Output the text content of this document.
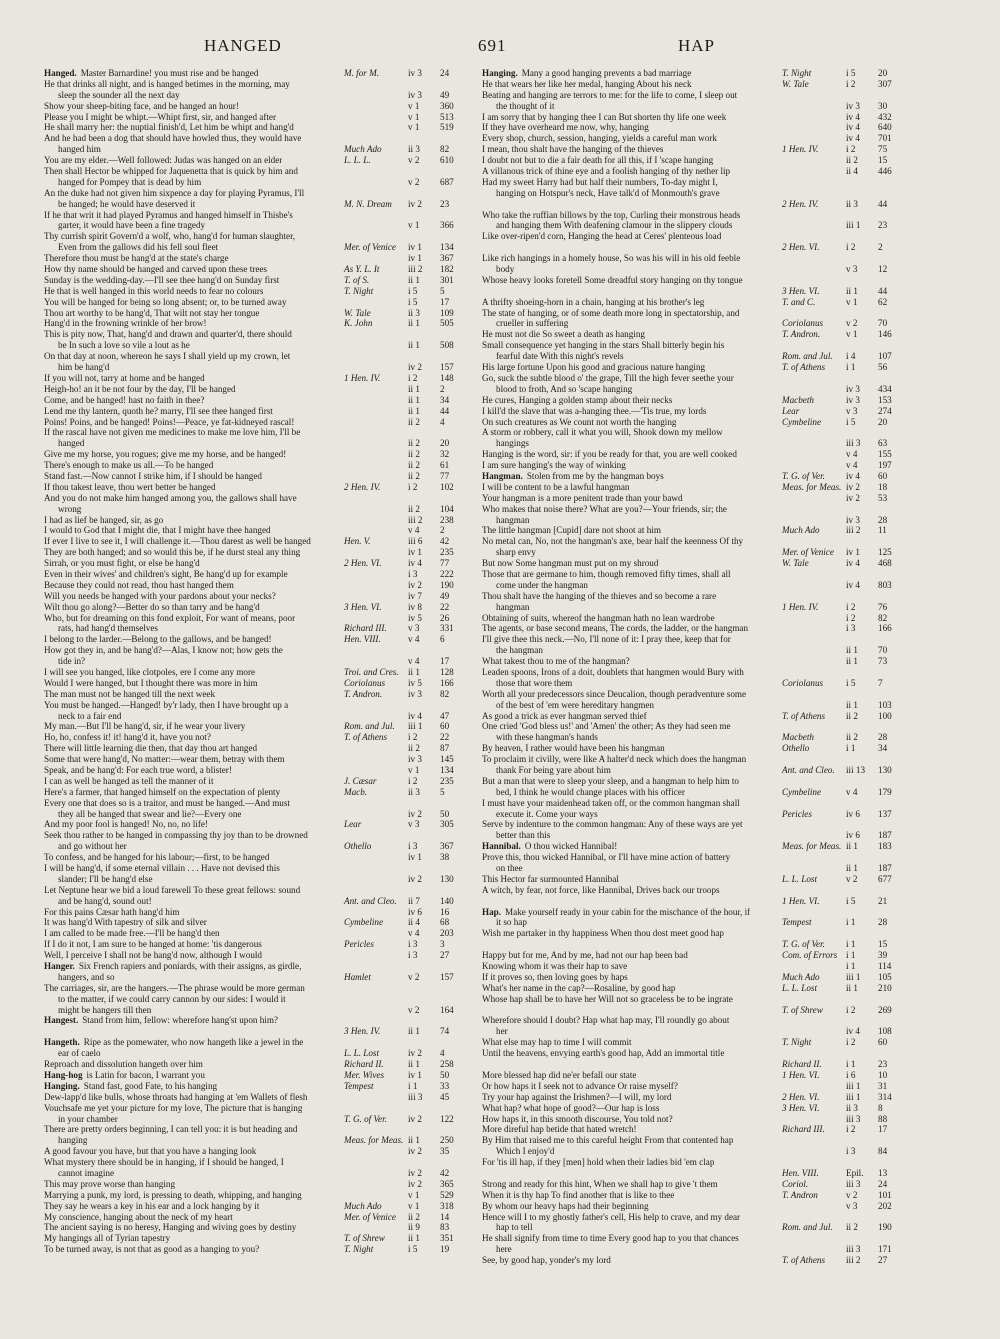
HANGED	691	HAP
Hanged. Master Barnardine! you must rise and be hanged	M. for M.	iv 3	24
He that drinks all night, and is hanged betimes in the morning, may
sleep the sounder all the next day	iv 3	49
Show your sheep-biting face, and be hanged an hour!	v 1	360
Please you I might be whipt.—Whipt first, sir, and hanged after	v 1	513
He shall marry her: the nuptial finish'd, Let him be whipt and hang'd	v 1	519
And he had been a dog that should have howled thus, they would have
hanged him	Much Ado	ii 3	82
You are my elder.—Well followed: Judas was hanged on an elder	L. L. L.	v 2	610
Then shall Hector be whipped for Jaquenetta that is quick by him and
hanged for Pompey that is dead by him	v 2	687
An the duke had not given him sixpence a day for playing Pyramus, I'll
be hanged; he would have deserved it	M. N. Dream iv 2	23
If he that writ it had played Pyramus and hanged himself in Thisbe's
garter, it would have been a fine tragedy	v 1	366
Thy currish spirit Govern'd a wolf, who, hang'd for human slaughter,
Even from the gallows did his fell soul fleet	Mer. of Venice iv 1	134
Therefore thou must be hang'd at the state's charge	iv 1	367
How thy name should be hanged and carved upon these trees	As Y. L. It	iii 2	182
Sunday is the wedding-day.—I'll see thee hang'd on Sunday first	T. of S.	ii 1	301
He that is well hanged in this world needs to fear no colours	T. Night	i 5	5
You will be hanged for being so long absent; or, to be turned away	i 5	17
Thou art worthy to be hang'd, That wilt not stay her tongue	W. Tale	ii 3	109
Hang'd in the frowning wrinkle of her brow!	K. John	ii 1	505
This is pity now, That, hang'd and drawn and quarter'd, there should
be In such a love so vile a lout as he	ii 1	508
On that day at noon, whereon he says I shall yield up my crown, let
him be hang'd	iv 2	157
If you will not, tarry at home and be hanged	1 Hen. IV.	i 2	148
Heigh-ho! an it be not four by the day, I'll be hanged	ii 1	2
Come, and be hanged! hast no faith in thee?	ii 1	34
Lend me thy lantern, quoth he? marry, I'll see thee hanged first	ii 1	44
Poins! Poins, and be hanged! Poins!—Peace, ye fat-kidneyed rascal!	ii 2	4
If the rascal have not given me medicines to make me love him, I'll be
hanged	ii 2	20
Give me my horse, you rogues; give me my horse, and be hanged!	ii 2	32
There's enough to make us all.—To be hanged	ii 2	61
Stand fast.—Now cannot I strike him, if I should be hanged	ii 2	77
If thou takest leave, thou wert better be hanged	2 Hen. IV.	i 2	102
And you do not make him hanged among you, the gallows shall have
wrong	ii 2	104
I had as lief be hanged, sir, as go	iii 2	238
I would to God that I might die, that I might have thee hanged	v 4	2
If ever I live to see it, I will challenge it.—Thou darest as well be hanged	Hen. V.	iii 6	42
They are both hanged; and so would this be, if he durst steal any thing	iv 1	235
Sirrah, or you must fight, or else be hang'd	2 Hen. VI.	iv 4	77
Even in their wives' and children's sight, Be hang'd up for example	i 3	222
Because they could not read, thou hast hanged them	iv 2	190
Will you needs be hanged with your pardons about your necks?	iv 7	49
Wilt thou go along?—Better do so than tarry and be hang'd	3 Hen. VI.	iv 8	22
Who, but for dreaming on this fond exploit, For want of means, poor	iv 5	26
rats, had hang'd themselves	Richard III. v 3	331
I belong to the larder.—Belong to the gallows, and be hanged!	Hen. VIII.	v 4	6
How got they in, and be hang'd?—Alas, I know not; how gets the
tide in?	v 4	17
I will see you hanged, like clotpoles, ere I come any more	Troi. and Cres. ii 1	128
Would I were hanged, but I thought there was more in him	Coriolanus	iv 5	166
The man must not be hanged till the next week	T. Andron.	iv 3	82
You must be hanged.—Hanged! by'r lady, then I have brought up a
neck to a fair end	iv 4	47
My man.—But I'll be hang'd, sir, if he wear your livery	Rom. and Jul. iii 1	60
Ho, ho, confess it! it! hang'd it, have you not?	T. of Athens i 2	22
There will little learning die then, that day thou art hanged	ii 2	87
Some that were hang'd, No matter:—wear them, betray with them	iv 3	145
Speak, and be hang'd: For each true word, a blister!	v 1	134
I can as well be hanged as tell the manner of it	J. Cæsar	i 2	235
Here's a farmer, that hanged himself on the expectation of plenty	Macb.	ii 3	5
Every one that does so is a traitor, and must be hanged.—And must
they all be hanged that swear and lie?—Every one	iv 2	50
And my poor fool is hanged! No, no, no life!	Lear	v 3	305
Seek thou rather to be hanged in compassing thy joy than to be drowned
and go without her	Othello	i 3	367
To confess, and be hanged for his labour;—first, to be hanged	iv 1	38
I will be hang'd, if some eternal villain . . . Have not devised this
slander; I'll be hang'd else	iv 2	130
Let Neptune hear we bid a loud farewell To these great fellows: sound
and be hang'd, sound out!	Ant. and Cleo. ii 7	140
For this pains Cæsar hath hang'd him	iv 6	16
It was hang'd With tapestry of silk and silver	Cymbeline	ii 4	68
I am called to be made free.—I'll be hang'd then	v 4	203
If I do it not, I am sure to be hanged at home: 'tis dangerous	Pericles	i 3	3
Well, I perceive I shall not be hang'd now, although I would	i 3	27
Hanger. Six French rapiers and poniards, with their assigns, as girdle,
hangers, and so	Hamlet	v 2	157
The carriages, sir, are the hangers.—The phrase would be more german
to the matter, if we could carry cannon by our sides: I would it
might be hangers till then	v 2	164
Hangest. Stand from him, fellow: wherefore hang'st upon him?
3 Hen. IV.	ii 1	74
Hangeth. Ripe as the pomewater, who now hangeth like a jewel in the
ear of caelo	L. L. Lost	iv 2	4
Reproach and dissolution hangeth over him	Richard II.	ii 1	258
Hang-hog is Latin for bacon, I warrant you	Mer. Wives	iv 1	50
Hanging. Stand fast, good Fate, to his hanging	Tempest	i 1	33
Dew-lapp'd like bulls, whose throats had hanging at 'em Wallets of flesh	iii 3	45
Vouchsafe me yet your picture for my love, The picture that is hanging
in your chamber	T. G. of Ver. iv 2	122
There are pretty orders beginning, I can tell you: it is but heading and
hanging	Meas. for Meas. ii 1	250
A good favour you have, but that you have a hanging look	iv 2	35
What mystery there should be in hanging, if I should be hanged, I
cannot imagine	iv 2	42
This may prove worse than hanging	iv 2	365
Marrying a punk, my lord, is pressing to death, whipping, and hanging	v 1	529
They say he wears a key in his ear and a lock hanging by it	Much Ado	v 1	318
My conscience, hanging about the neck of my heart	Mer. of Venice ii 2	14
The ancient saying is no heresy, Hanging and wiving goes by destiny	ii 9	83
My hangings all of Tyrian tapestry	T. of Shrew	ii 1	351
To be turned away, is not that as good as a hanging to you?	T. Night	i 5	19
Hanging. Many a good hanging prevents a bad marriage	T. Night	i 5	20
He that wears her like her medal, hanging About his neck	W. Tale	i 2	307
Beating and hanging are terrors to me: for the life to come, I sleep out
the thought of it	iv 3	30
I am sorry that by hanging thee I can But shorten thy life one week	iv 4	432
If they have overheard me now, why, hanging	iv 4	640
Every shop, church, session, hanging, yields a careful man work	iv 4	701
I mean, thou shalt have the hanging of the thieves	1 Hen. IV.	i 2	75
I doubt not but to die a fair death for all this, if I 'scape hanging	ii 2	15
A villanous trick of thine eye and a foolish hanging of thy nether lip	ii 4	446
Had my sweet Harry had but half their numbers, To-day might I,
hanging on Hotspur's neck, Have talk'd of Monmouth's grave
2 Hen. IV.	ii 3	44
Who take the ruffian billows by the top, Curling their monstrous heads
and hanging them With deafening clamour in the slippery clouds	iii 1	23
Like over-ripen'd corn, Hanging the head at Ceres' plenteous load
2 Hen. VI.	i 2	2
Like rich hangings in a homely house, So was his will in his old feeble
body	v 3	12
Whose heavy looks foretell Some dreadful story hanging on thy tongue
3 Hen. VI.	ii 1	44
A thrifty shoeing-horn in a chain, hanging at his brother's leg	T. and C.	v 1	62
The state of hanging, or of some death more long in spectatorship, and
crueller in suffering	Coriolanus	v 2	70
He must not die So sweet a death as hanging	T. Andron.	v 1	146
Small consequence yet hanging in the stars Shall bitterly begin his
fearful date With this night's revels	Rom. and Jul. i 4	107
His large fortune Upon his good and gracious nature hanging	T. of Athens i 1	56
Go, suck the subtle blood o' the grape, Till the high fever seethe your
blood to froth, And so 'scape hanging	iv 3	434
He cures, Hanging a golden stamp about their necks	Macbeth	iv 3	153
I kill'd the slave that was a-hanging thee.—'Tis true, my lords	Lear	v 3	274
On such creatures as We count not worth the hanging	Cymbeline	i 5	20
A storm or robbery, call it what you will, Shook down my mellow
hangings	iii 3	63
Hanging is the word, sir: if you be ready for that, you are well cooked	v 4	155
I am sure hanging's the way of winking	v 4	197
Hangman. Stolen from me by the hangman boys	T. G. of Ver. iv 4	60
I will be content to be a lawful hangman	Meas. for Meas. iv 2	18
Your hangman is a more penitent trade than your bawd	iv 2	53
Who makes that noise there? What are you?—Your friends, sir; the
hangman	iv 3	28
The little hangman [Cupid] dare not shoot at him	Much Ado	iii 2	11
No metal can, No, not the hangman's axe, bear half the keenness Of thy
sharp envy	Mer. of Venice iv 1	125
But now Some hangman must put on my shroud	W. Tale	iv 4	468
Those that are germane to him, though removed fifty times, shall all
come under the hangman	iv 4	803
Thou shalt have the hanging of the thieves and so become a rare
hangman	1 Hen. IV.	i 2	76
Obtaining of suits, whereof the hangman hath no lean wardrobe	i 2	82
The agents, or base second means, The cords, the ladder, or the hangman	i 3	166
I'll give thee this neck.—No, I'll none of it: I pray thee, keep that for
the hangman	ii 1	70
What takest thou to me of the hangman?	ii 1	73
Leaden spoons, Irons of a doit, doublets that hangmen would Bury with
those that wore them	Coriolanus	i 5	7
Worth all your predecessors since Deucalion, though peradventure some
of the best of 'em were hereditary hangmen	ii 1	103
As good a trick as ever hangman served thief	T. of Athens ii 2	100
One cried 'God bless us!' and 'Amen' the other; As they had seen me
with these hangman's hands	Macbeth	ii 2	28
By heaven, I rather would have been his hangman	Othello	i 1	34
To proclaim it civilly, were like A halter'd neck which does the hangman
thank For being yare about him	Ant. and Cleo. iii 13	130
But a man that were to sleep your sleep, and a hangman to help him to
bed, I think he would change places with his officer	Cymbeline	v 4	179
I must have your maidenhead taken off, or the common hangman shall
execute it. Come your ways	Pericles	iv 6	137
Serve by indenture to the common hangman: Any of these ways are yet
better than this	iv 6	187
Hannibal. O thou wicked Hannibal!	Meas. for Meas. ii 1	183
Prove this, thou wicked Hannibal, or I'll have mine action of battery
on thee	ii 1	187
This Hector far surmounted Hannibal	L. L. Lost	v 2	677
A witch, by fear, not force, like Hannibal, Drives back our troops
1 Hen. VI.	i 5	21
Hap. Make yourself ready in your cabin for the mischance of the hour, if
it so hap	Tempest	i 1	28
Wish me partaker in thy happiness When thou dost meet good hap
T. G. of Ver. i 1	15
Happy but for me, And by me, had not our hap been bad	Com. of Errors i 1	39
Knowing whom it was their hap to save	i 1	114
If it proves so, then loving goes by haps	Much Ado	iii 1	105
What's her name in the cap?—Rosaline, by good hap	L. L. Lost	ii 1	210
Whose hap shall be to have her Will not so graceless be to be ingrate
T. of Shrew	i 2	269
Wherefore should I doubt? Hap what hap may, I'll roundly go about
her	iv 4	108
What else may hap to time I will commit	T. Night	i 2	60
Until the heavens, envying earth's good hap, Add an immortal title
Richard II.	i 1	23
More blessed hap did ne'er befall our state	1 Hen. VI.	i 6	10
Or how haps it I seek not to advance Or raise myself?	iii 1	31
Try your hap against the Irishmen?—I will, my lord	2 Hen. VI.	iii 1	314
What hap? what hope of good?—Our hap is loss	3 Hen. VI.	ii 3	8
How haps it, in this smooth discourse, You told not?	iii 3	88
More direful hap betide that hated wretch!	Richard III. i 2	17
By Him that raised me to this careful height From that contented hap
Which I enjoy'd	i 3	84
For 'tis ill hap, if they [men] hold when their ladies bid 'em clap
Hen. VIII.	Epil.	13
Strong and ready for this hint, When we shall hap to give 't them	Coriol.	iii 3	24
When it is thy hap To find another that is like to thee	T. Andron	v 2	101
By whom our heavy haps had their beginning	v 3	202
Hence will I to my ghostly father's cell, His help to crave, and my dear
hap to tell	Rom. and Jul. ii 2	190
He shall signify from time to time Every good hap to you that chances
here	iii 3	171
See, by good hap, yonder's my lord	T. of Athens iii 2	27
